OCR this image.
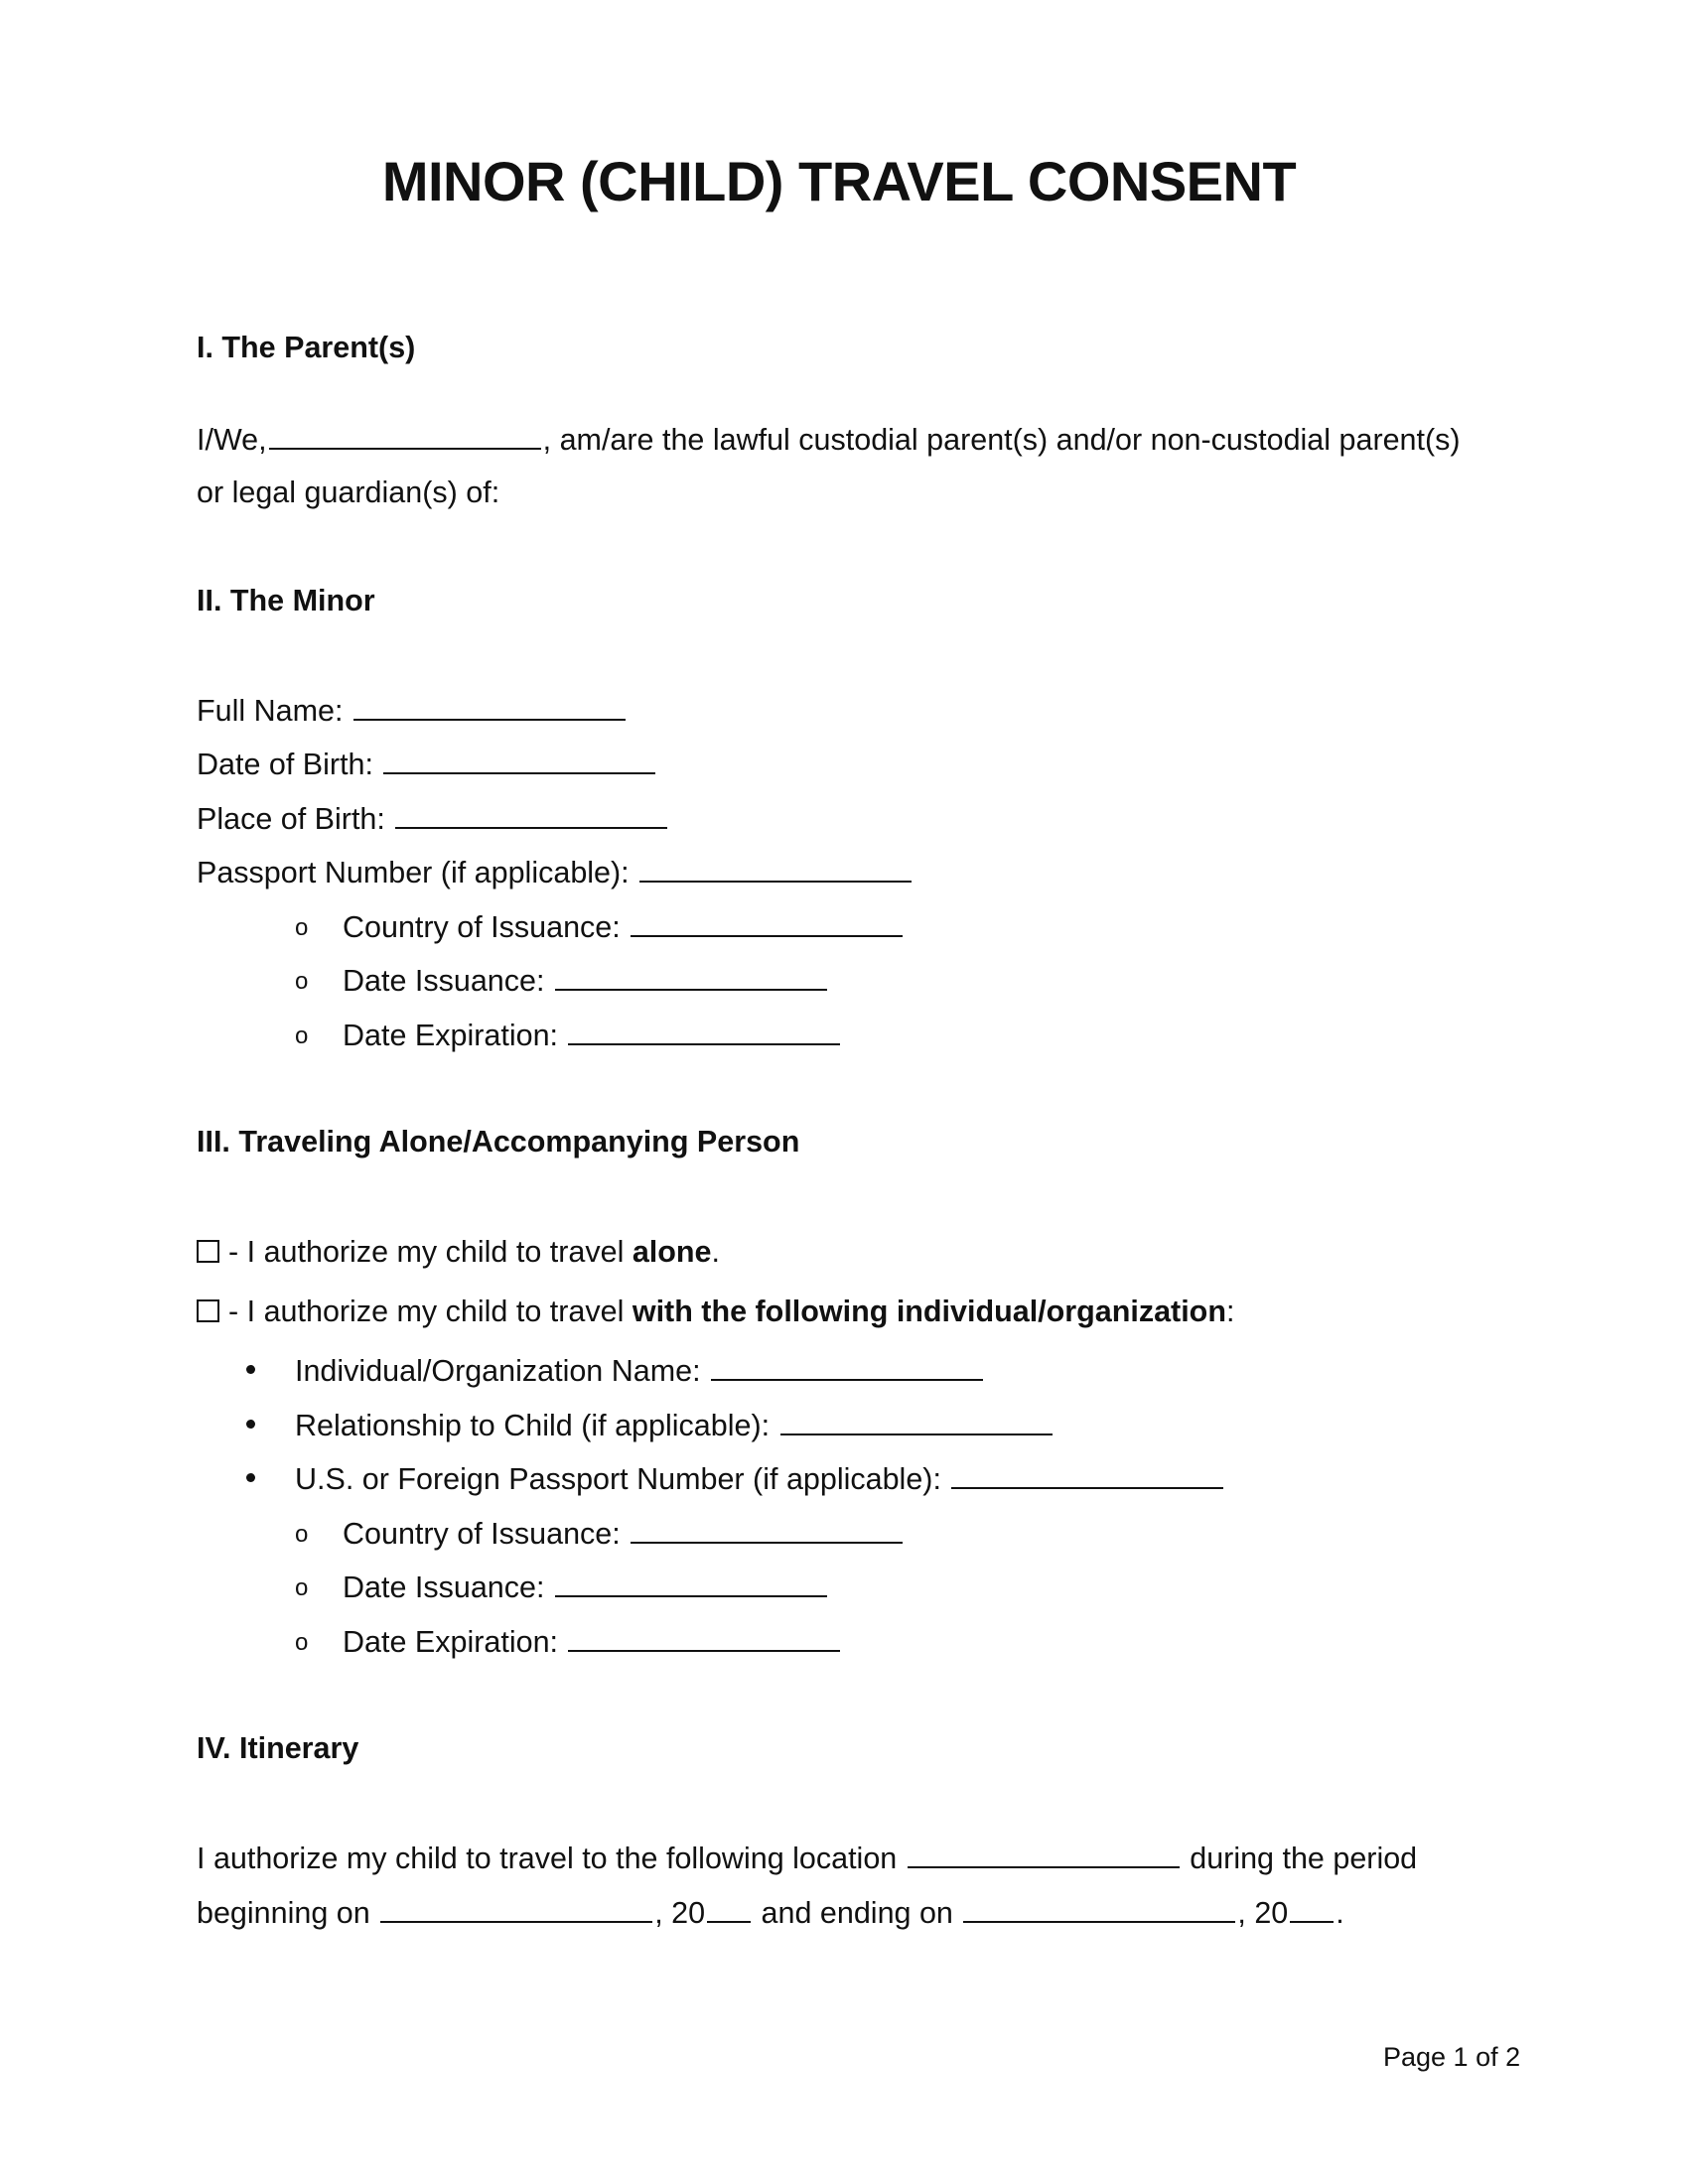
MINOR (CHILD) TRAVEL CONSENT
I. The Parent(s)
I/We,	, am/are the lawful custodial parent(s) and/or non-custodial parent(s)
or legal guardian(s) of:
II. The Minor
Full Name:
Date of Birth:
Place of Birth:
Passport Number (if applicable):
o Country of Issuance:
o Date Issuance:
o Date Expiration:
III. Traveling Alone/Accompanying Person
- I authorize my child to travel alone.
- I authorize my child to travel with the following individual/organization:
Individual/Organization Name:
Relationship to Child (if applicable):
U.S. or Foreign Passport Number (if applicable):
o Country of Issuance:
o Date Issuance:
o Date Expiration:
IV. Itinerary
I authorize my child to travel to the following location	during the period
beginning on	, 20 and ending on	, 20 .
Page 1 of 2
